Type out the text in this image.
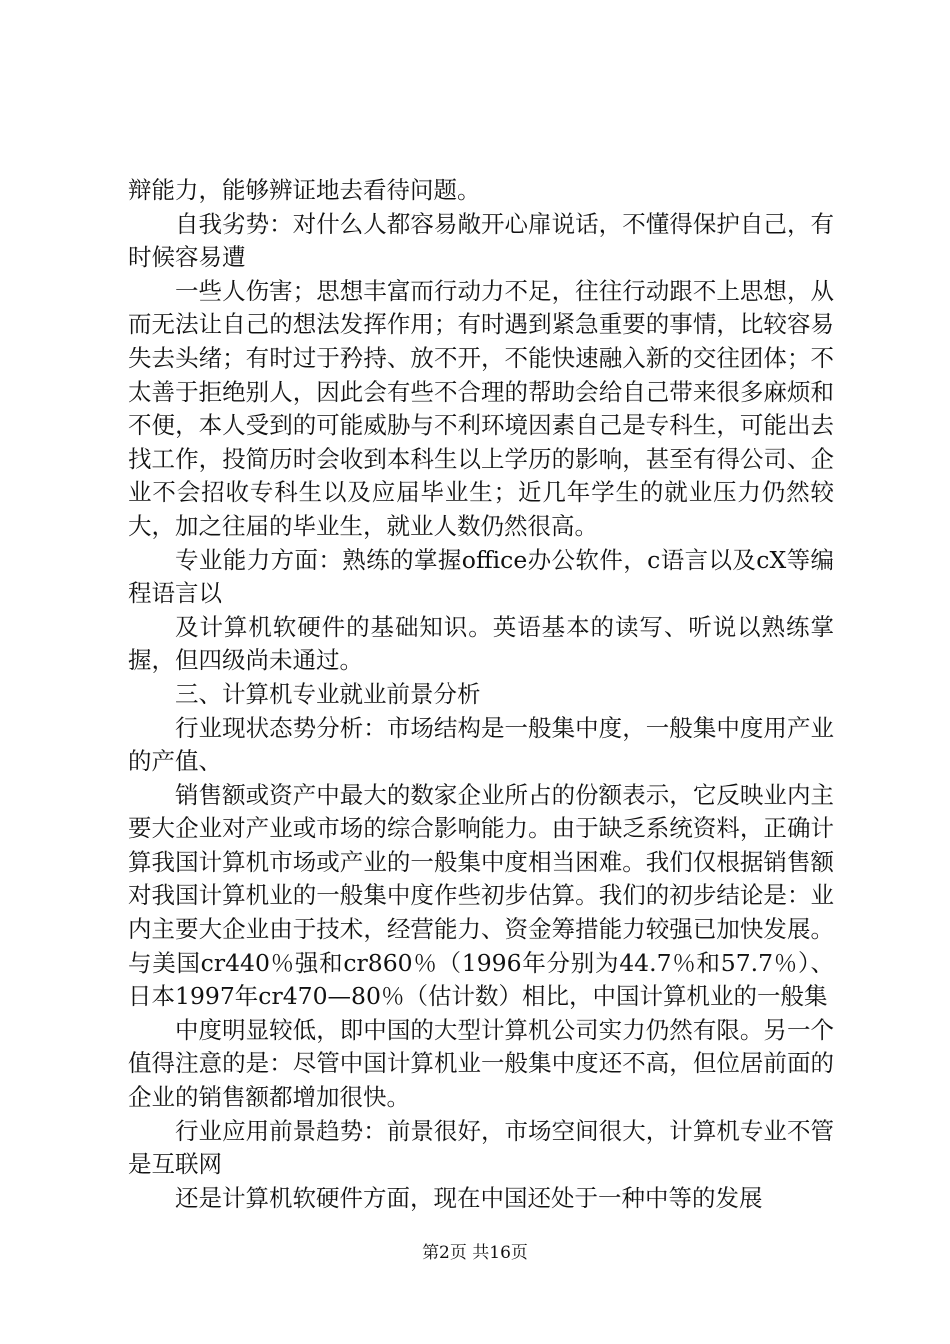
辩能力，能够辨证地去看待问题。

自我劣势：对什么人都容易敞开心扉说话，不懂得保护自己，有时候容易遭

一些人伤害；思想丰富而行动力不足，往往行动跟不上思想，从而无法让自己的想法发挥作用；有时遇到紧急重要的事情，比较容易失去头绪；有时过于矜持、放不开，不能快速融入新的交往团体；不太善于拒绝别人，因此会有些不合理的帮助会给自己带来很多麻烦和不便，本人受到的可能威胁与不利环境因素自己是专科生，可能出去找工作，投简历时会收到本科生以上学历的影响，甚至有得公司、企业不会招收专科生以及应届毕业生；近几年学生的就业压力仍然较大，加之往届的毕业生，就业人数仍然很高。

专业能力方面：熟练的掌握office办公软件，c语言以及cX等编程语言以

及计算机软硬件的基础知识。英语基本的读写、听说以熟练掌握，但四级尚未通过。

三、计算机专业就业前景分析

行业现状态势分析：市场结构是一般集中度，一般集中度用产业的产值、

销售额或资产中最大的数家企业所占的份额表示，它反映业内主要大企业对产业或市场的综合影响能力。由于缺乏系统资料，正确计算我国计算机市场或产业的一般集中度相当困难。我们仅根据销售额对我国计算机业的一般集中度作些初步估算。我们的初步结论是：业内主要大企业由于技术，经营能力、资金筹措能力较强已加快发展。与美国cr440％强和cr860％（1996年分别为44.7％和57.7％）、日本1997年cr470—80％（估计数）相比，中国计算机业的一般集

中度明显较低，即中国的大型计算机公司实力仍然有限。另一个值得注意的是：尽管中国计算机业一般集中度还不高，但位居前面的企业的销售额都增加很快。

行业应用前景趋势：前景很好，市场空间很大，计算机专业不管是互联网

还是计算机软硬件方面，现在中国还处于一种中等的发展

第2页 共16页
